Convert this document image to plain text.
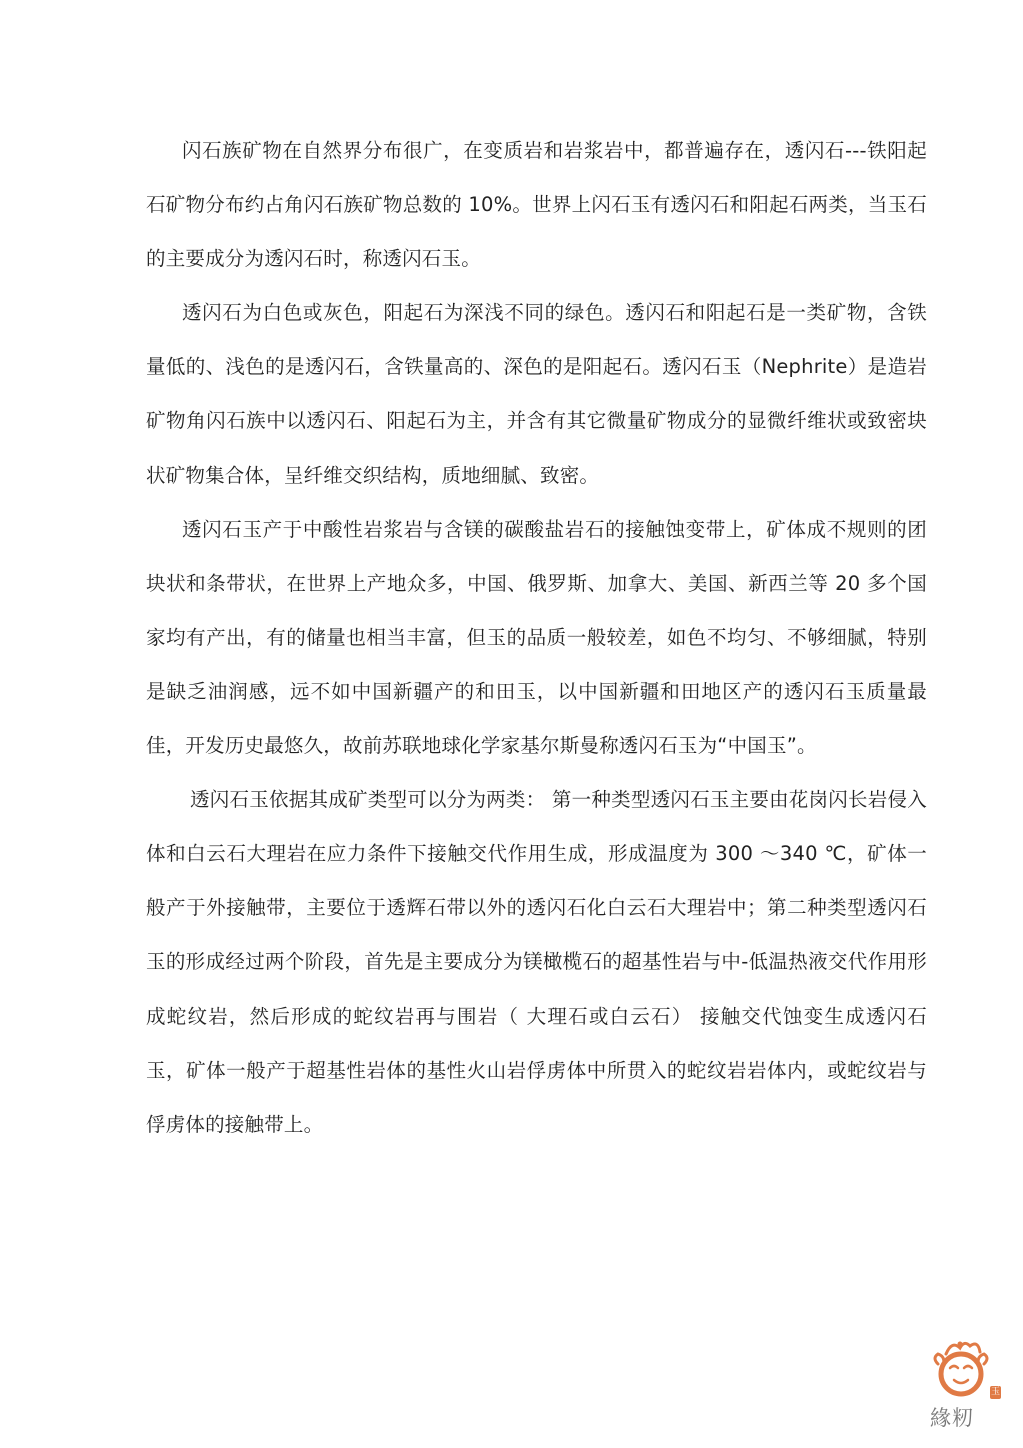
闪石族矿物在自然界分布很广，在变质岩和岩浆岩中，都普遍存在，透闪石---铁阳起石矿物分布约占角闪石族矿物总数的 10%。世界上闪石玉有透闪石和阳起石两类，当玉石的主要成分为透闪石时，称透闪石玉。

透闪石为白色或灰色，阳起石为深浅不同的绿色。透闪石和阳起石是一类矿物，含铁量低的、浅色的是透闪石，含铁量高的、深色的是阳起石。透闪石玉（Nephrite）是造岩矿物角闪石族中以透闪石、阳起石为主，并含有其它微量矿物成分的显微纤维状或致密块状矿物集合体，呈纤维交织结构，质地细腻、致密。

透闪石玉产于中酸性岩浆岩与含镁的碳酸盐岩石的接触蚀变带上，矿体成不规则的团块状和条带状，在世界上产地众多，中国、俄罗斯、加拿大、美国、新西兰等 20 多个国家均有产出，有的储量也相当丰富，但玉的品质一般较差，如色不均匀、不够细腻，特别是缺乏油润感，远不如中国新疆产的和田玉，以中国新疆和田地区产的透闪石玉质量最佳，开发历史最悠久，故前苏联地球化学家基尔斯曼称透闪石玉为“中国玉”。

透闪石玉依据其成矿类型可以分为两类： 第一种类型透闪石玉主要由花岗闪长岩侵入体和白云石大理岩在应力条件下接触交代作用生成，形成温度为 300 ～340 ℃，矿体一般产于外接触带，主要位于透辉石带以外的透闪石化白云石大理岩中；第二种类型透闪石玉的形成经过两个阶段，首先是主要成分为镁橄榄石的超基性岩与中-低温热液交代作用形成蛇纹岩，然后形成的蛇纹岩再与围岩（ 大理石或白云石） 接触交代蚀变生成透闪石玉，矿体一般产于超基性岩体的基性火山岩俘虏体中所贯入的蛇纹岩岩体内，或蛇纹岩与俘虏体的接触带上。

玉
緣籾
